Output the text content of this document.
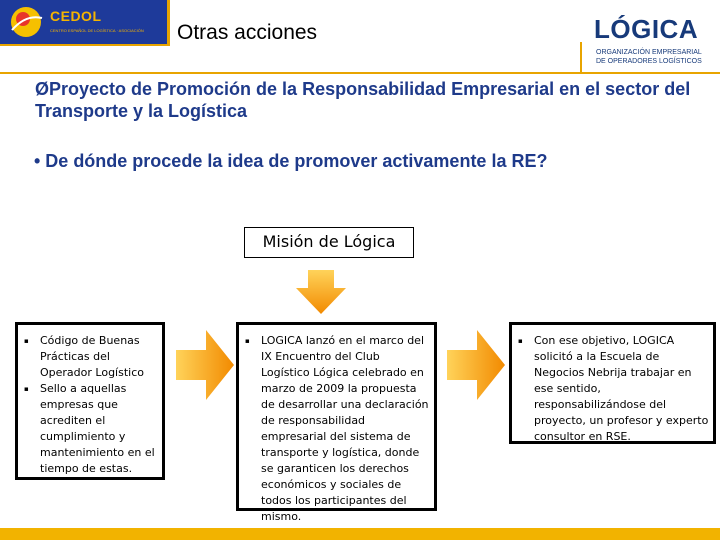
CEDOL
CENTRO ESPAÑOL DE LOGÍSTICA · ASOCIACIÓN	Otras acciones	LÓGICA
ORGANIZACIÓN EMPRESARIAL
DE OPERADORES LOGÍSTICOS
ØProyecto de Promoción de la Responsabilidad Empresarial en el sector del Transporte y la Logística
• De dónde procede la idea de promover activamente la RE?
Misión de Lógica
▪ Código de Buenas Prácticas del Operador Logístico
▪ Sello a aquellas empresas que acrediten el cumplimiento y mantenimiento en el tiempo de estas.
▪ LOGICA lanzó en el marco del IX Encuentro del Club Logístico Lógica celebrado en marzo de 2009 la propuesta de desarrollar una declaración de responsabilidad empresarial del sistema de transporte y logística, donde se garanticen los derechos económicos y sociales de todos los participantes del mismo.
▪ Con ese objetivo, LOGICA solicitó a la Escuela de Negocios Nebrija trabajar en ese sentido, responsabilizándose del proyecto, un profesor y experto consultor en RSE.
